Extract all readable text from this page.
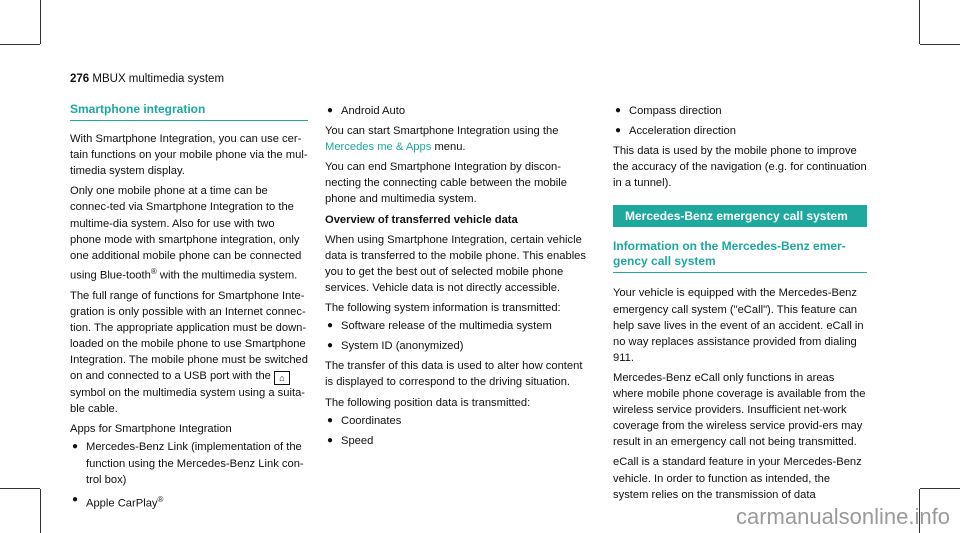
276 MBUX multimedia system
Smartphone integration

With Smartphone Integration, you can use cer-tain functions on your mobile phone via the mul-timedia system display.

Only one mobile phone at a time can be connec-ted via Smartphone Integration to the multime-dia system. Also for use with two phone mode with smartphone integration, only one additional mobile phone can be connected using Blue-tooth® with the multimedia system.

The full range of functions for Smartphone Inte-gration is only possible with an Internet connec-tion. The appropriate application must be down-loaded on the mobile phone to use Smartphone Integration. The mobile phone must be switched on and connected to a USB port with the ⌂ symbol on the multimedia system using a suita-ble cable.

Apps for Smartphone Integration

● Mercedes-Benz Link (implementation of the function using the Mercedes-Benz Link con-trol box)
● Apple CarPlay®
● Android Auto

You can start Smartphone Integration using the Mercedes me & Apps menu.

You can end Smartphone Integration by discon-necting the connecting cable between the mobile phone and multimedia system.

Overview of transferred vehicle data

When using Smartphone Integration, certain vehicle data is transferred to the mobile phone. This enables you to get the best out of selected mobile phone services. Vehicle data is not directly accessible.

The following system information is transmitted:

● Software release of the multimedia system
● System ID (anonymized)

The transfer of this data is used to alter how content is displayed to correspond to the driving situation.

The following position data is transmitted:

● Coordinates
● Speed
● Compass direction
● Acceleration direction

This data is used by the mobile phone to improve the accuracy of the navigation (e.g. for continuation in a tunnel).

Mercedes-Benz emergency call system
Information on the Mercedes-Benz emer-gency call system

Your vehicle is equipped with the Mercedes-Benz emergency call system ("eCall"). This feature can help save lives in the event of an accident. eCall in no way replaces assistance provided from dialing 911.

Mercedes-Benz eCall only functions in areas where mobile phone coverage is available from the wireless service providers. Insufficient net-work coverage from the wireless service provid-ers may result in an emergency call not being transmitted.

eCall is a standard feature in your Mercedes-Benz vehicle. In order to function as intended, the system relies on the transmission of data

carmanualsonline.info
